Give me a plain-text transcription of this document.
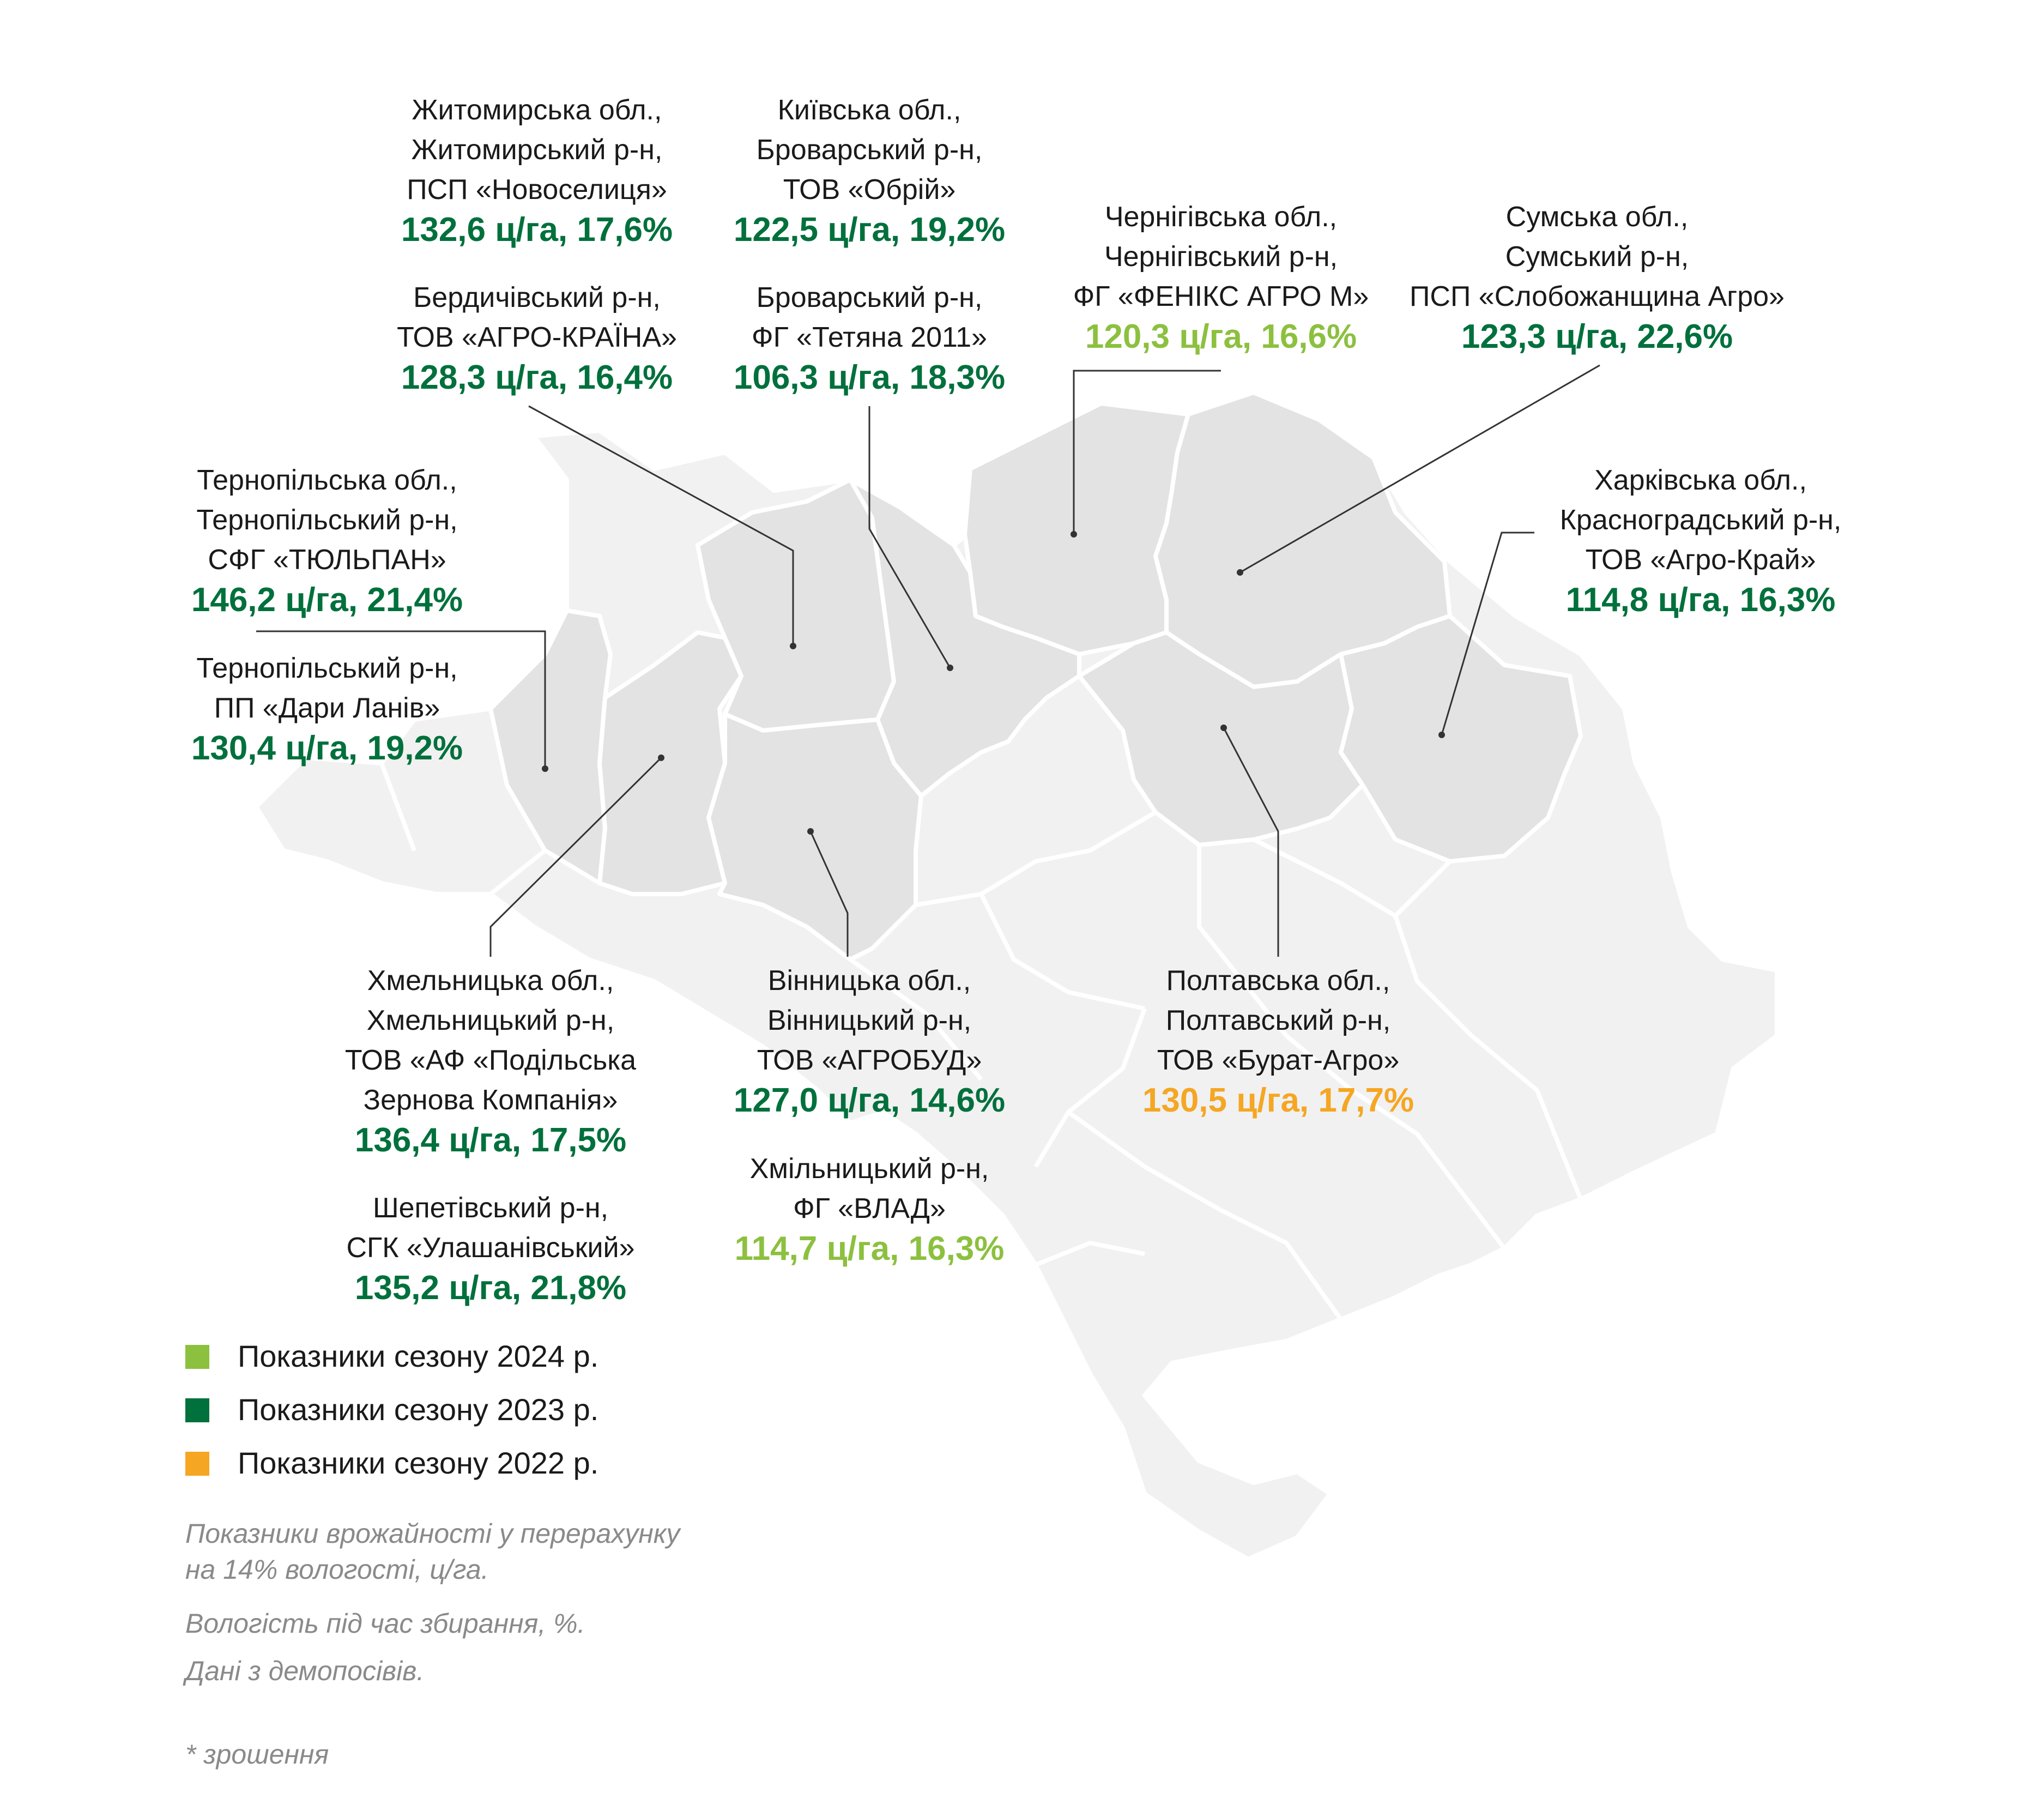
Житомирська обл.,
Житомирський р-н,
ПСП «Новоселиця»
132,6 ц/га, 17,6%
Бердичівський р-н,
ТОВ «АГРО-КРАЇНА»
128,3 ц/га, 16,4%
Київська обл.,
Броварський р-н,
ТОВ «Обрій»
122,5 ц/га, 19,2%
Броварський р-н,
ФГ «Тетяна 2011»
106,3 ц/га, 18,3%
Чернігівська обл.,
Чернігівський р-н,
ФГ «ФЕНІКС АГРО М»
120,3 ц/га, 16,6%
Сумська обл.,
Сумський р-н,
ПСП «Слобожанщина Агро»
123,3 ц/га, 22,6%
Тернопільська обл.,
Тернопільський р-н,
СФГ «ТЮЛЬПАН»
146,2 ц/га, 21,4%
Тернопільський р-н,
ПП «Дари Ланів»
130,4 ц/га, 19,2%
Харківська обл.,
Красноградський р-н,
ТОВ «Агро-Край»
114,8 ц/га, 16,3%
Хмельницька обл.,
Хмельницький р-н,
ТОВ «АФ «Подільська
Зернова Компанія»
136,4 ц/га, 17,5%
Шепетівський р-н,
СГК «Улашанівський»
135,2 ц/га, 21,8%
Вінницька обл.,
Вінницький р-н,
ТОВ «АГРОБУД»
127,0 ц/га, 14,6%
Хмільницький р-н,
ФГ «ВЛАД»
114,7 ц/га, 16,3%
Полтавська обл.,
Полтавський р-н,
ТОВ «Бурат-Агро»
130,5 ц/га, 17,7%
Показники сезону 2024 р.
Показники сезону 2023 р.
Показники сезону 2022 р.
Показники врожайності у перерахунку
на 14% вологості, ц/га.
Вологість під час збирання, %.
Дані з демопосівів.
* зрошення
